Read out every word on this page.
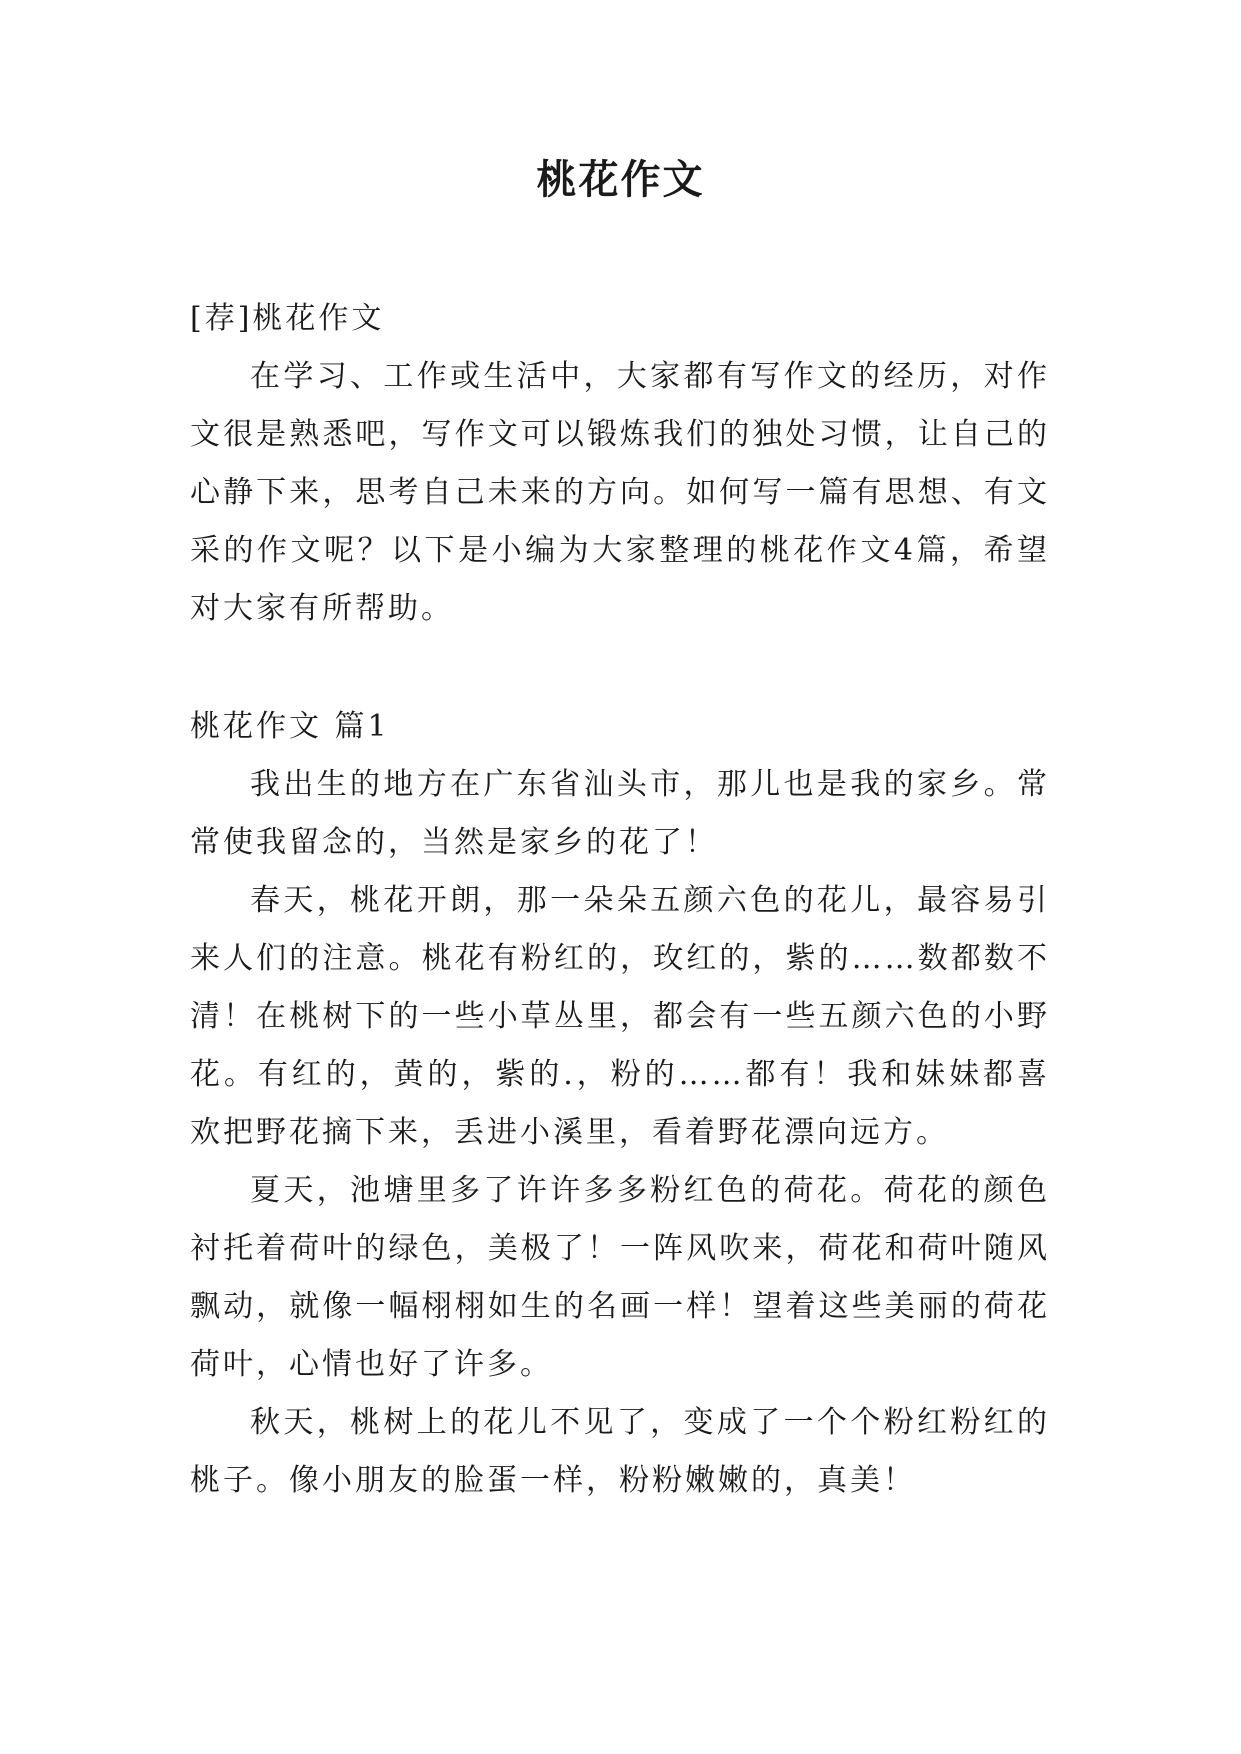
桃花作文

[荐]桃花作文

在学习、工作或生活中，大家都有写作文的经历，对作文很是熟悉吧，写作文可以锻炼我们的独处习惯，让自己的心静下来，思考自己未来的方向。如何写一篇有思想、有文采的作文呢？以下是小编为大家整理的桃花作文4篇，希望对大家有所帮助。

桃花作文 篇1

我出生的地方在广东省汕头市，那儿也是我的家乡。常常使我留念的，当然是家乡的花了！

春天，桃花开朗，那一朵朵五颜六色的花儿，最容易引来人们的注意。桃花有粉红的，玫红的，紫的……数都数不清！在桃树下的一些小草丛里，都会有一些五颜六色的小野花。有红的，黄的，紫的.，粉的……都有！我和妹妹都喜欢把野花摘下来，丢进小溪里，看着野花漂向远方。

夏天，池塘里多了许许多多粉红色的荷花。荷花的颜色衬托着荷叶的绿色，美极了！一阵风吹来，荷花和荷叶随风飘动，就像一幅栩栩如生的名画一样！望着这些美丽的荷花荷叶，心情也好了许多。

秋天，桃树上的花儿不见了，变成了一个个粉红粉红的桃子。像小朋友的脸蛋一样，粉粉嫩嫩的，真美！
